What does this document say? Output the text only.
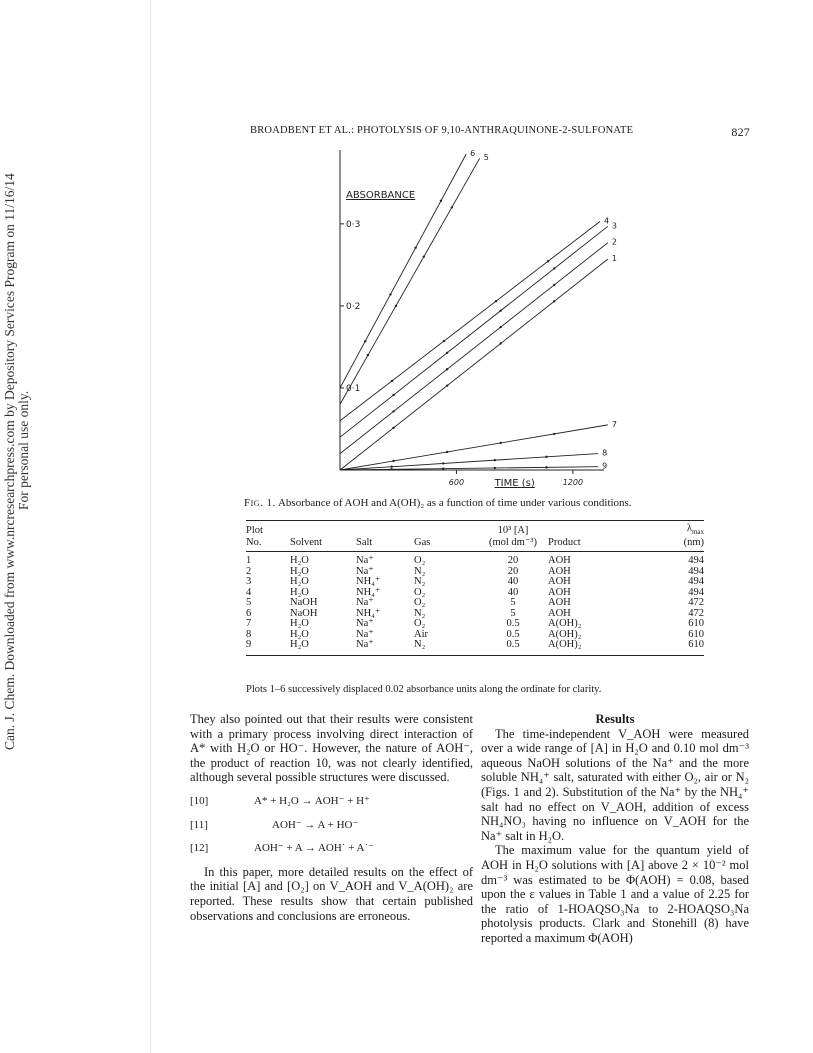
Can. J. Chem. Downloaded from www.nrcresearchpress.com by Depository Services Program on 11/16/14 For personal use only.
BROADBENT ET AL.: PHOTOLYSIS OF 9,10-ANTHRAQUINONE-2-SULFONATE	827
0·1
0·2
0·3
600	1200
ABSORBANCE
TIME (s)
1
2
3
4
5
6
7
8
9
Fig. 1. Absorbance of AOH and A(OH)₂ as a function of time under various conditions.
Plot
No.	Solvent	Salt	Gas	10³ [A]
(mol dm⁻³)	Product	$\lambda_{max}$
(nm)
1	H₂O	Na⁺	O₂	20	AOH	494
2	H₂O	Na⁺	N₂	20	AOH	494
3	H₂O	NH₄⁺	N₂	40	AOH	494
4	H₂O	NH₄⁺	O₂	40	AOH	494
5	NaOH	Na⁺	O₂	5	AOH	472
6	NaOH	NH₄⁺	N₂	5	AOH	472
7	H₂O	Na⁺	O₂	0.5	A(OH)₂	610
8	H₂O	Na⁺	Air	0.5	A(OH)₂	610
9	H₂O	Na⁺	N₂	0.5	A(OH)₂	610
Plots 1–6 successively displaced 0.02 absorbance units along the ordinate for clarity.

They also pointed out that their results were consistent with a primary process involving direct interaction of A* with H₂O or HO⁻. However, the nature of AOH⁻, the product of reaction 10, was not clearly identified, although several possible structures were discussed.

[10]	A* + H₂O → AOH⁻ + H⁺
[11]	AOH⁻ → A + HO⁻
[12]	AOH⁻ + A → AOH˙ + A˙⁻

In this paper, more detailed results on the effect of the initial [A] and [O₂] on V_AOH and V_A(OH)₂ are reported. These results show that certain published observations and conclusions are erroneous.

Results

The time-independent V_AOH were measured over a wide range of [A] in H₂O and 0.10 mol dm⁻³ aqueous NaOH solutions of the Na⁺ and the more soluble NH₄⁺ salt, saturated with either O₂, air or N₂ (Figs. 1 and 2). Substitution of the Na⁺ by the NH₄⁺ salt had no effect on V_AOH, addition of excess NH₄NO₃ having no influence on V_AOH for the Na⁺ salt in H₂O.

The maximum value for the quantum yield of AOH in H₂O solutions with [A] above 2 × 10⁻² mol dm⁻³ was estimated to be Φ(AOH) = 0.08, based upon the ε values in Table 1 and a value of 2.25 for the ratio of 1-HOAQSO₃Na to 2-HOAQSO₃Na photolysis products. Clark and Stonehill (8) have reported a maximum Φ(AOH)
